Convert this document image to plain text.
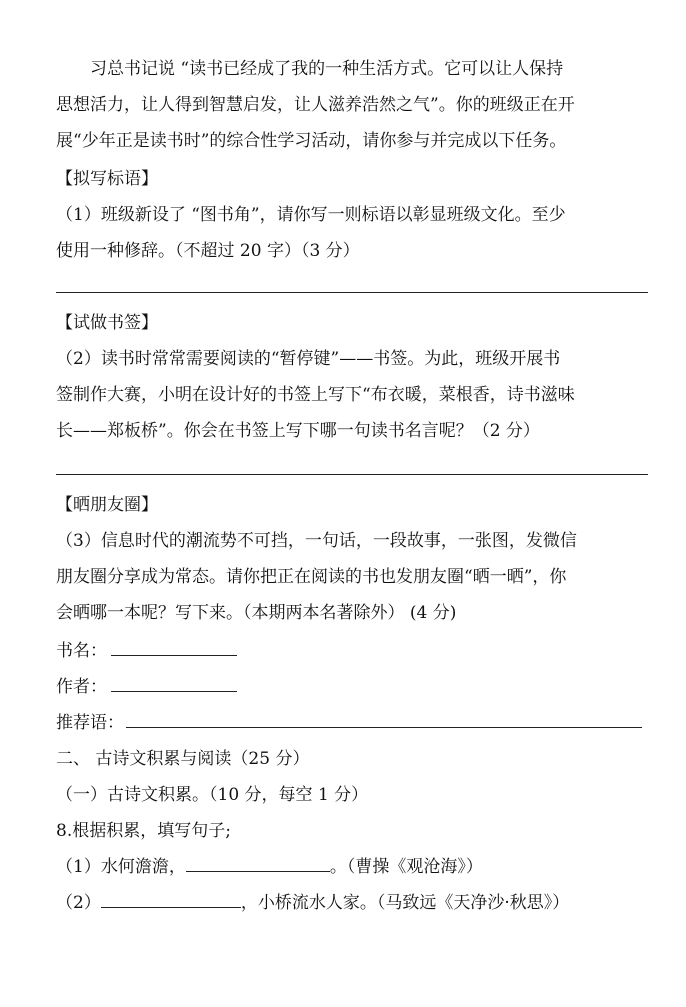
习总书记说 “读书已经成了我的一种生活方式。它可以让人保持
思想活力，让人得到智慧启发，让人滋养浩然之气”。你的班级正在开
展“少年正是读书时”的综合性学习活动，请你参与并完成以下任务。
【拟写标语】
（1）班级新设了 “图书角”，请你写一则标语以彰显班级文化。至少
使用一种修辞。（不超过 20 字）（3 分）
【试做书签】
（2）读书时常常需要阅读的“暂停键”——书签。为此，班级开展书
签制作大赛，小明在设计好的书签上写下“布衣暖，菜根香，诗书滋味
长——郑板桥”。你会在书签上写下哪一句读书名言呢？（2 分）
【晒朋友圈】
（3）信息时代的潮流势不可挡，一句话，一段故事，一张图，发微信
朋友圈分享成为常态。请你把正在阅读的书也发朋友圈“晒一晒”，你
会晒哪一本呢？写下来。（本期两本名著除外） (4 分)
书名：
作者：
推荐语：
二、 古诗文积累与阅读（25 分）
（一）古诗文积累。（10 分，每空 1 分）
8.根据积累，填写句子;
（1）水何澹澹，	。（曹操《观沧海》）
（2）	，小桥流水人家。（马致远《天净沙·秋思》）
